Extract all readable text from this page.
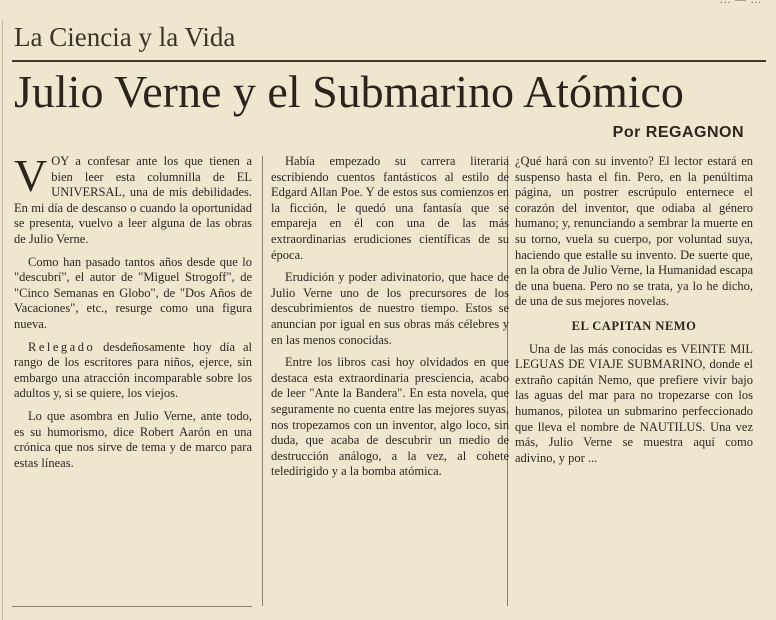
... — ...
La Ciencia y la Vida
Julio Verne y el Submarino Atómico
Por REGAGNON

VOY a confesar ante los que tienen a bien leer esta columnilla de EL UNIVERSAL, una de mis debilidades. En mi día de descanso o cuando la oportunidad se presenta, vuelvo a leer alguna de las obras de Julio Verne.

Como han pasado tantos años desde que lo "descubrí", el autor de "Miguel Strogoff", de "Cinco Semanas en Globo", de "Dos Años de Vacaciones", etc., resurge como una figura nueva.

Relegado desdeñosamente hoy día al rango de los escritores para niños, ejerce, sin embargo una atracción incomparable sobre los adultos y, si se quiere, los viejos.

Lo que asombra en Julio Verne, ante todo, es su humorismo, dice Robert Aarón en una crónica que nos sirve de tema y de marco para estas líneas.

Había empezado su carrera literaria escribiendo cuentos fantásticos al estilo de Edgard Allan Poe. Y de estos sus comienzos en la ficción, le quedó una fantasía que se empareja en él con una de las más extraordinarias erudiciones científicas de su época.

Erudición y poder adivinatorio, que hace de Julio Verne uno de los precursores de los descubrimientos de nuestro tiempo. Estos se anuncian por igual en sus obras más célebres y en las menos conocidas.

Entre los libros casi hoy olvidados en que destaca esta extraordinaria presciencia, acabo de leer "Ante la Bandera". En esta novela, que seguramente no cuenta entre las mejores suyas, nos tropezamos con un inventor, algo loco, sin duda, que acaba de descubrir un medio de destrucción análogo, a la vez, al cohete teledirigido y a la bomba atómica.

¿Qué hará con su invento? El lector estará en suspenso hasta el fin. Pero, en la penúltima página, un postrer escrúpulo enternece el corazón del inventor, que odiaba al género humano; y, renunciando a sembrar la muerte en su torno, vuela su cuerpo, por voluntad suya, haciendo que estalle su invento. De suerte que, en la obra de Julio Verne, la Humanidad escapa de una buena. Pero no se trata, ya lo he dicho, de una de sus mejores novelas.

EL CAPITAN NEMO

Una de las más conocidas es VEINTE MIL LEGUAS DE VIAJE SUBMARINO, donde el extraño capitán Nemo, que prefiere vivir bajo las aguas del mar para no tropezarse con los humanos, pilotea un submarino perfeccionado que lleva el nombre de NAUTILUS. Una vez más, Julio Verne se muestra aquí como adivino, y por ...
